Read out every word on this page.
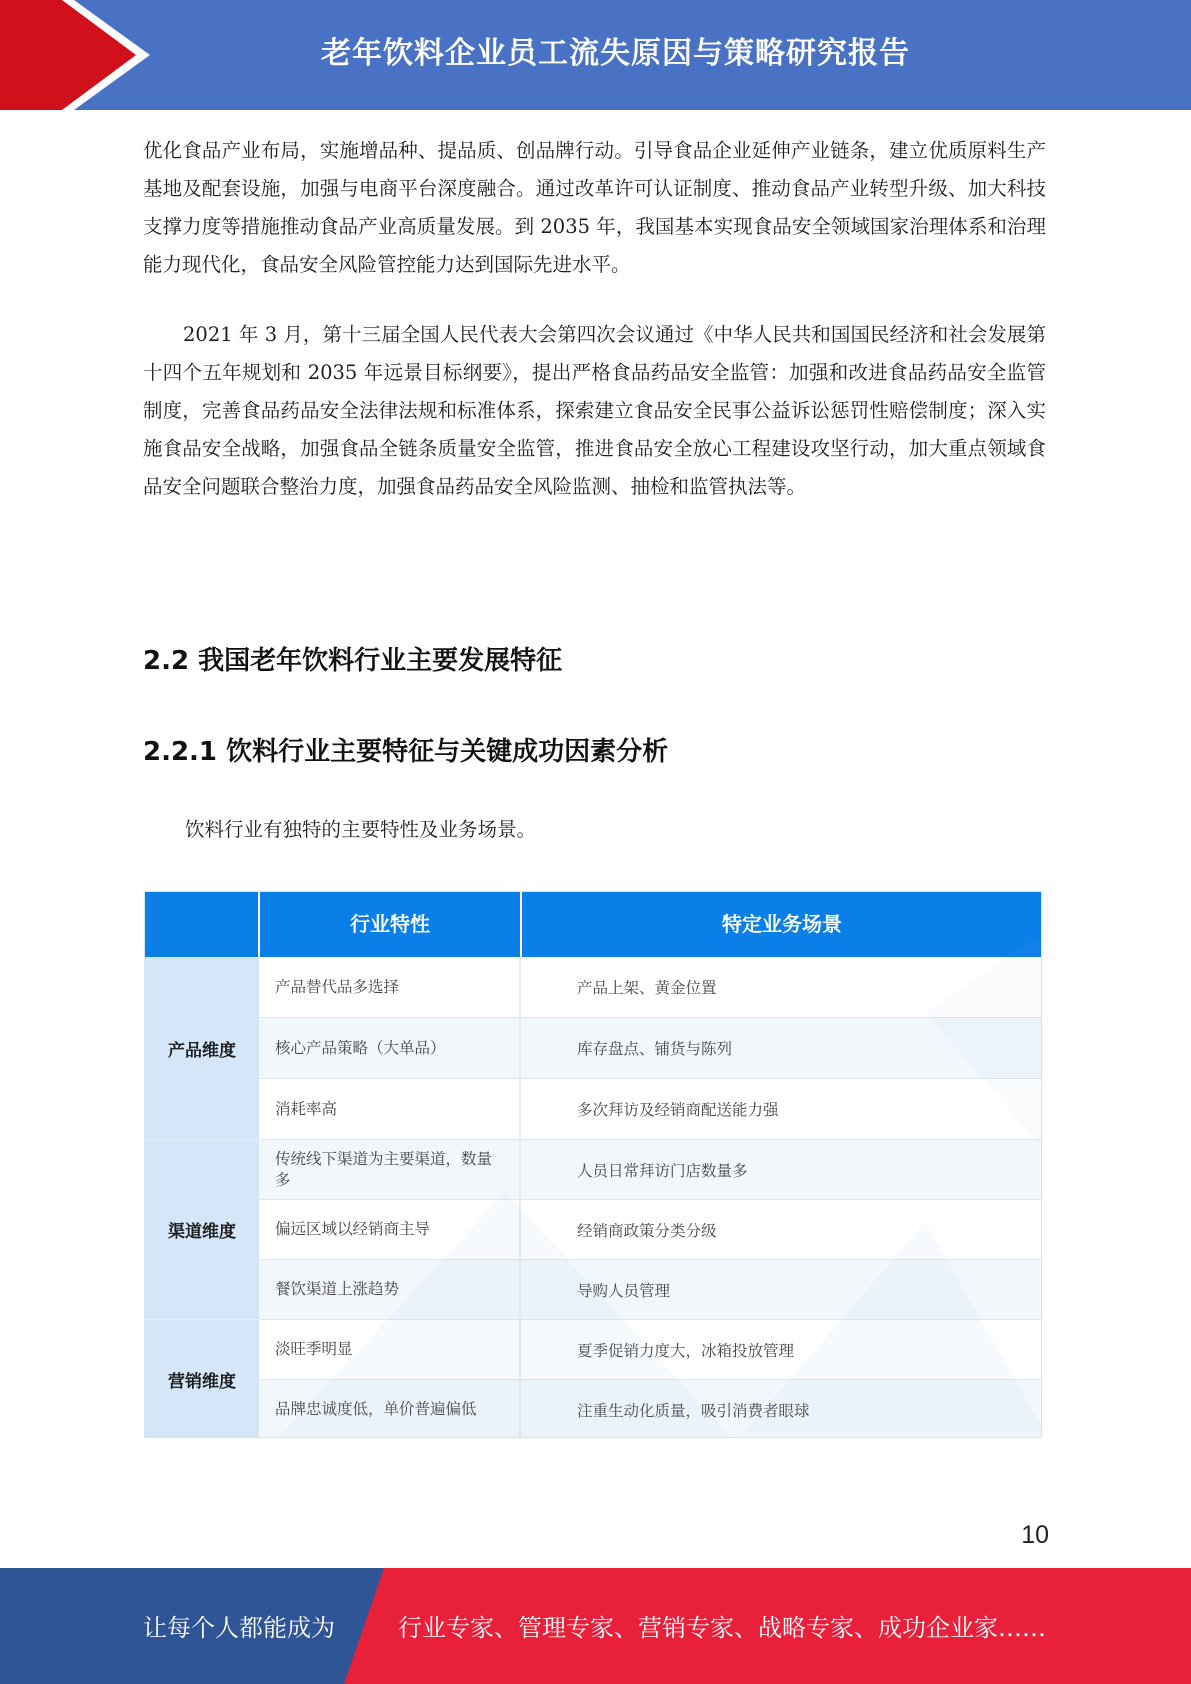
老年饮料企业员工流失原因与策略研究报告

优化食品产业布局，实施增品种、提品质、创品牌行动。引导食品企业延伸产业链条，建立优质原料生产基地及配套设施，加强与电商平台深度融合。通过改革许可认证制度、推动食品产业转型升级、加大科技支撑力度等措施推动食品产业高质量发展。到 2035 年，我国基本实现食品安全领域国家治理体系和治理能力现代化，食品安全风险管控能力达到国际先进水平。

2021 年 3 月，第十三届全国人民代表大会第四次会议通过《中华人民共和国国民经济和社会发展第十四个五年规划和 2035 年远景目标纲要》，提出严格食品药品安全监管：加强和改进食品药品安全监管制度，完善食品药品安全法律法规和标准体系，探索建立食品安全民事公益诉讼惩罚性赔偿制度；深入实施食品安全战略，加强食品全链条质量安全监管，推进食品安全放心工程建设攻坚行动，加大重点领域食品安全问题联合整治力度，加强食品药品安全风险监测、抽检和监管执法等。

2.2 我国老年饮料行业主要发展特征
2.2.1 饮料行业主要特征与关键成功因素分析

饮料行业有独特的主要特性及业务场景。

行业特性	特定业务场景
产品维度
产品替代品多选择	产品上架、黄金位置
核心产品策略（大单品）	库存盘点、铺货与陈列
消耗率高	多次拜访及经销商配送能力强
渠道维度
传统线下渠道为主要渠道，数量多	人员日常拜访门店数量多
偏远区域以经销商主导	经销商政策分类分级
餐饮渠道上涨趋势	导购人员管理
营销维度
淡旺季明显	夏季促销力度大，冰箱投放管理
品牌忠诚度低，单价普遍偏低	注重生动化质量，吸引消费者眼球
10
让每个人都能成为	行业专家、管理专家、营销专家、战略专家、成功企业家……
